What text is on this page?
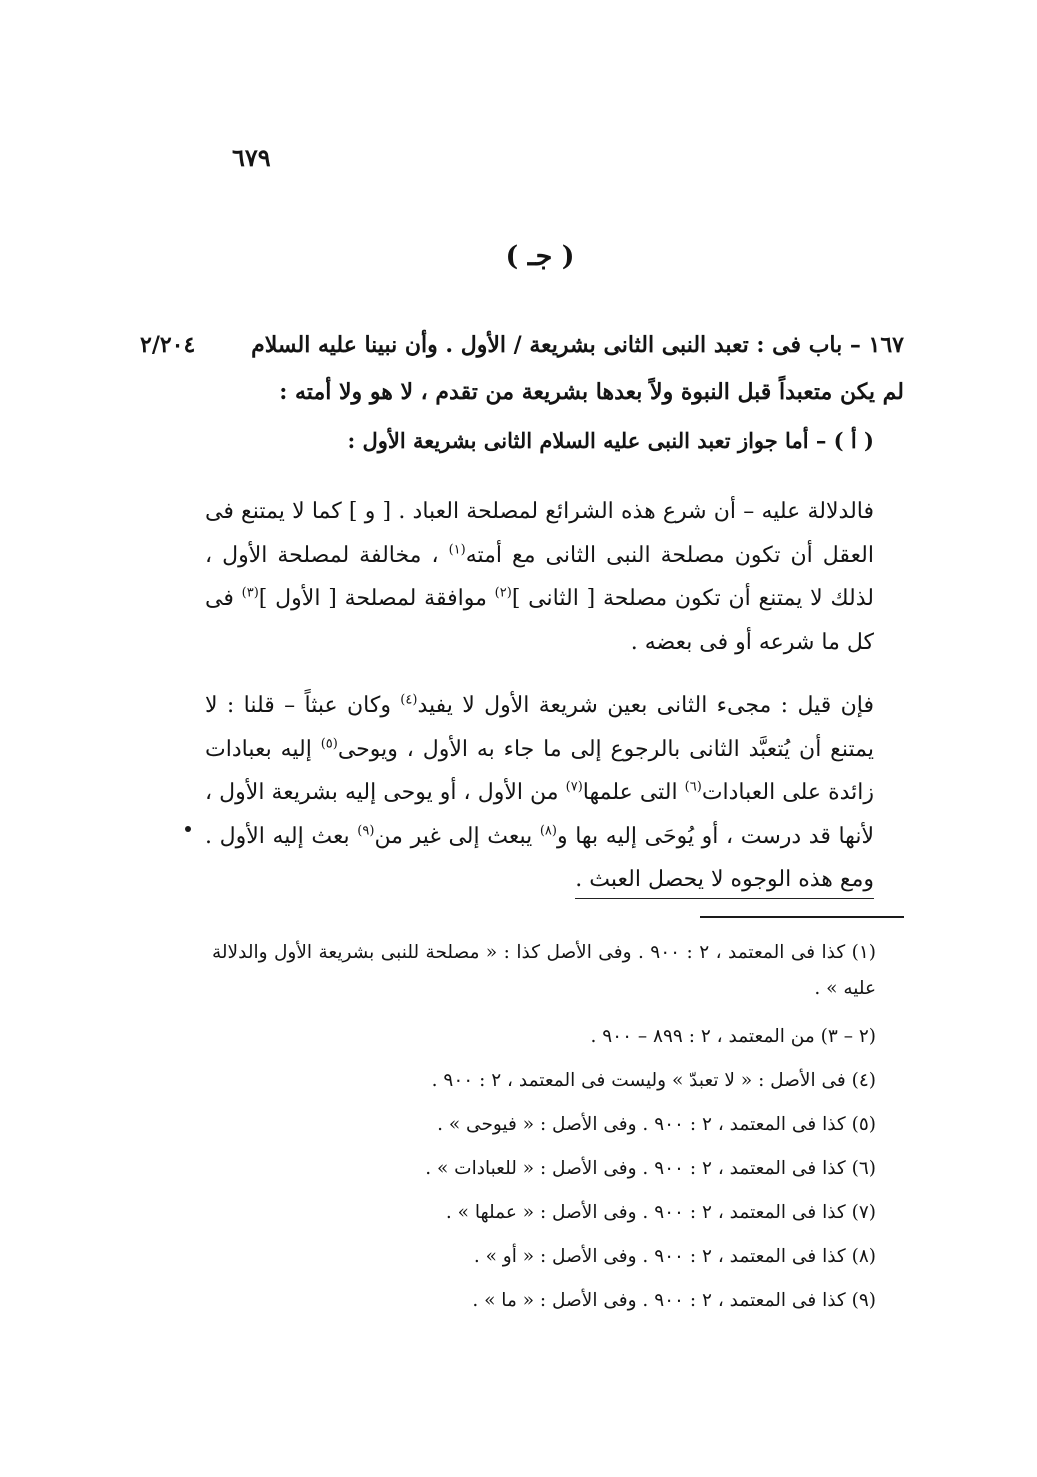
٦٧٩
( جـ )
١٦٧ – باب فى : تعبد النبى الثانى بشريعة / الأول . وأن نبينا عليه السلام
٢/٢٠٤
لم يكن متعبداً قبل النبوة ولاً بعدها بشريعة من تقدم ، لا هو ولا أمته :
( أ ) – أما جواز تعبد النبى عليه السلام الثانى بشريعة الأول :

فالدلالة عليه – أن شرع هذه الشرائع لمصلحة العباد . [ و ] كما لا يمتنع فى العقل أن تكون مصلحة النبى الثانى مع أمته$^{(١)}$ ، مخالفة لمصلحة الأول ، لذلك لا يمتنع أن تكون مصلحة [ الثانى ]$^{(٢)}$ موافقة لمصلحة [ الأول ]$^{(٣)}$ فى كل ما شرعه أو فى بعضه .

فإن قيل : مجىء الثانى بعين شريعة الأول لا يفيد$^{(٤)}$ وكان عبثاً – قلنا : لا يمتنع أن يُتعبَّد الثانى بالرجوع إلى ما جاء به الأول ، ويوحى$^{(٥)}$ إليه بعبادات زائدة على العبادات$^{(٦)}$ التى علمها$^{(٧)}$ من الأول ، أو يوحى إليه بشريعة الأول ، لأنها قد درست ، أو يُوحَى إليه بها و$^{(٨)}$ يبعث إلى غير من$^{(٩)}$ بعث إليه الأول . ومع هذه الوجوه لا يحصل العبث .

(١) كذا فى المعتمد ، ٢ : ٩٠٠ . وفى الأصل كذا : « مصلحة للنبى بشريعة الأول والدلالة عليه » .

(٢ – ٣) من المعتمد ، ٢ : ٨٩٩ – ٩٠٠ .

(٤) فى الأصل : « لا تعبدّ » وليست فى المعتمد ، ٢ : ٩٠٠ .

(٥) كذا فى المعتمد ، ٢ : ٩٠٠ . وفى الأصل : « فيوحى » .

(٦) كذا فى المعتمد ، ٢ : ٩٠٠ . وفى الأصل : « للعبادات » .

(٧) كذا فى المعتمد ، ٢ : ٩٠٠ . وفى الأصل : « عملها » .

(٨) كذا فى المعتمد ، ٢ : ٩٠٠ . وفى الأصل : « أو » .

(٩) كذا فى المعتمد ، ٢ : ٩٠٠ . وفى الأصل : « ما » .
